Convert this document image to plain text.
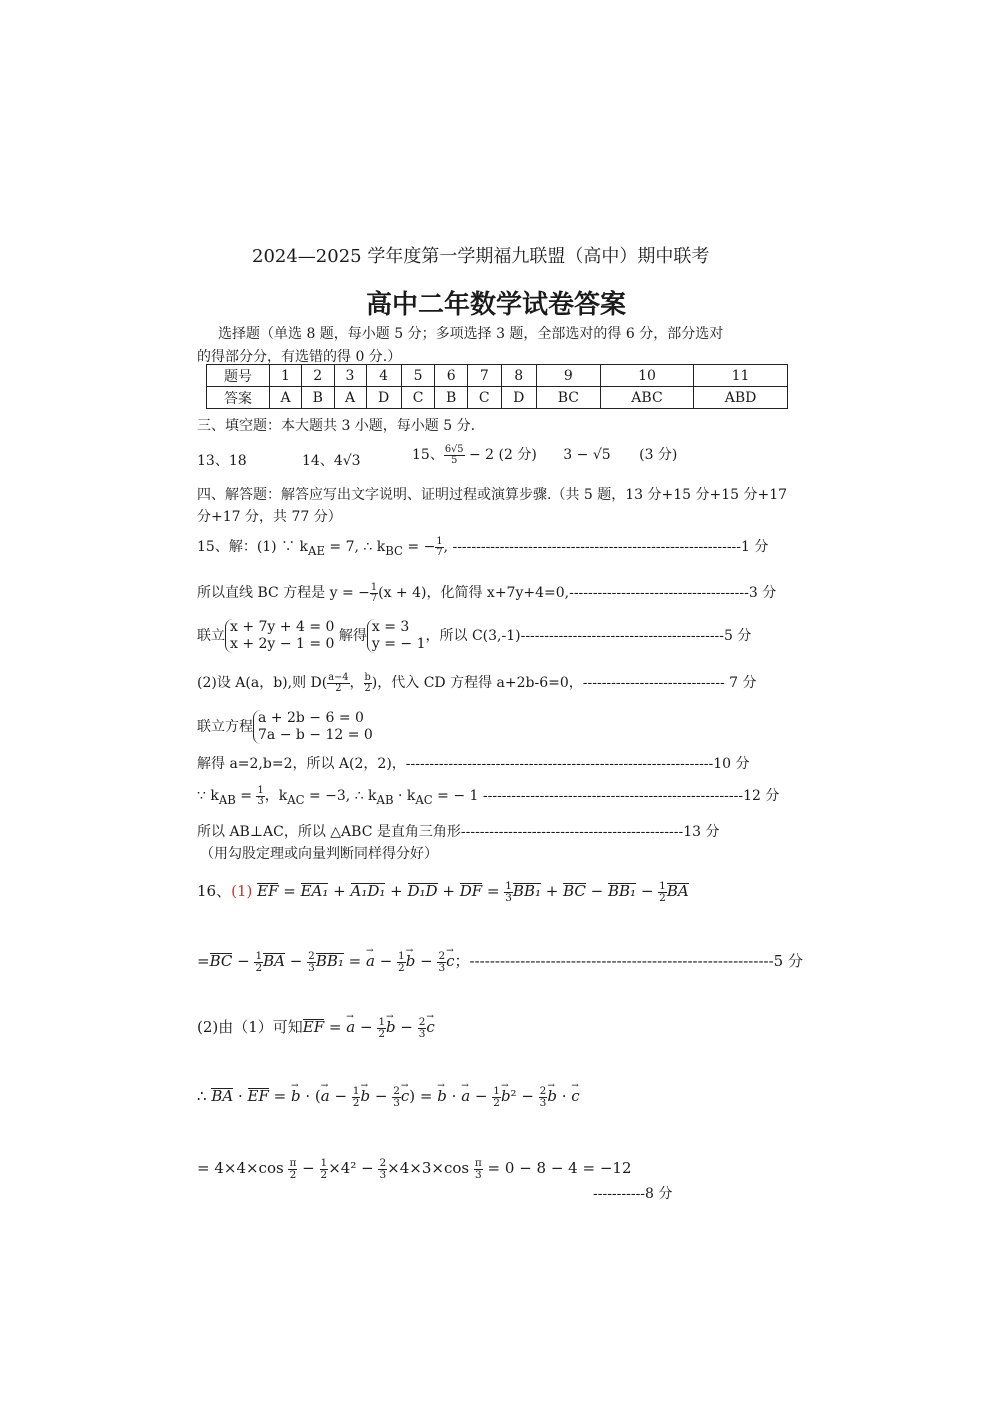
2024—2025 学年度第一学期福九联盟（高中）期中联考
高中二年数学试卷答案
选择题（单选 8 题，每小题 5 分；多项选择 3 题，全部选对的得 6 分，部分选对
的得部分分，有选错的得 0 分.）
题号	1	2	3	4	5	6	7	8	9	10	11
答案	A	B	A	D	C	B	C	D	BC	ABC	ABD
三、填空题：本大题共 3 小题，每小题 5 分.
13、18	14、4√3	15、 $\frac{6√5}{5} - 2$ (2 分) 3 − √5 (3 分)
四、解答题：解答应写出文字说明、证明过程或演算步骤.（共 5 题，13 分+15 分+15 分+17
分+17 分，共 77 分）
15、解：(1) ∵ $k_{AE} = 7$, ∴ $k_{BC}$ = − $\frac{1}{7}$ , -------------------------------------------------------------1 分
所以直线 BC 方程是 y = − $\frac{1}{7} (x + 4)$，化简得 x+7y+4=0,--------------------------------------3 分
联立
x + 7y + 4 = 0
x + 2y − 1 = 0 解得
x = 3
y = − 1 ，所以 C(3,-1)-------------------------------------------5 分
(2)设 A(a，b),则 $D( \frac{a-4}{2}$ ， $\frac{b}{2}$ )，代入 CD 方程得 a+2b-6=0，------------------------------ 7 分
联立方程
a + 2b − 6 = 0
7a − b − 12 = 0
解得 a=2,b=2，所以 A(2，2)，-----------------------------------------------------------------10 分
∵ $k_{AB} = \frac{1}{3}$ ，$k_{AC} = -3$, ∴ $k_{AB} \cdot k_{AC}$ = − 1 -------------------------------------------------------12 分
所以 AB⊥AC，所以 △ABC 是直角三角形-----------------------------------------------13 分
（用勾股定理或向量判断同样得分好）
16、(1) EF = EA₁ + A₁D₁ + D₁D + DF = $\frac{1}{3} BB_1$ + BC − $BB_1 - \frac{1}{2}$ BA
$=BC - \frac{1}{2}$ BA − $\frac{2}{3} BB_1$ = → $a - \frac{1}{2} \to b - \frac{2}{3} \to c$；------------------------------------------------------------5 分
(2)由（1）可知EF = → $a - \frac{1}{2} \to b - \frac{2}{3} \to c$
∴ BA · EF = → b · (→ $a - \frac{1}{2} \to b - \frac{2}{3} \to c$) = → b · → $a - \frac{1}{2} \to b^2 - \frac{2}{3} \to b$ · → c
= $4\times 4\times\cos \frac{\pi}{2} - \frac{1}{2} \times 4^2 - \frac{2}{3} \times 4\times 3\times\cos \frac{\pi}{3} = 0 - 8 - 4 = -12$
-----------8 分
